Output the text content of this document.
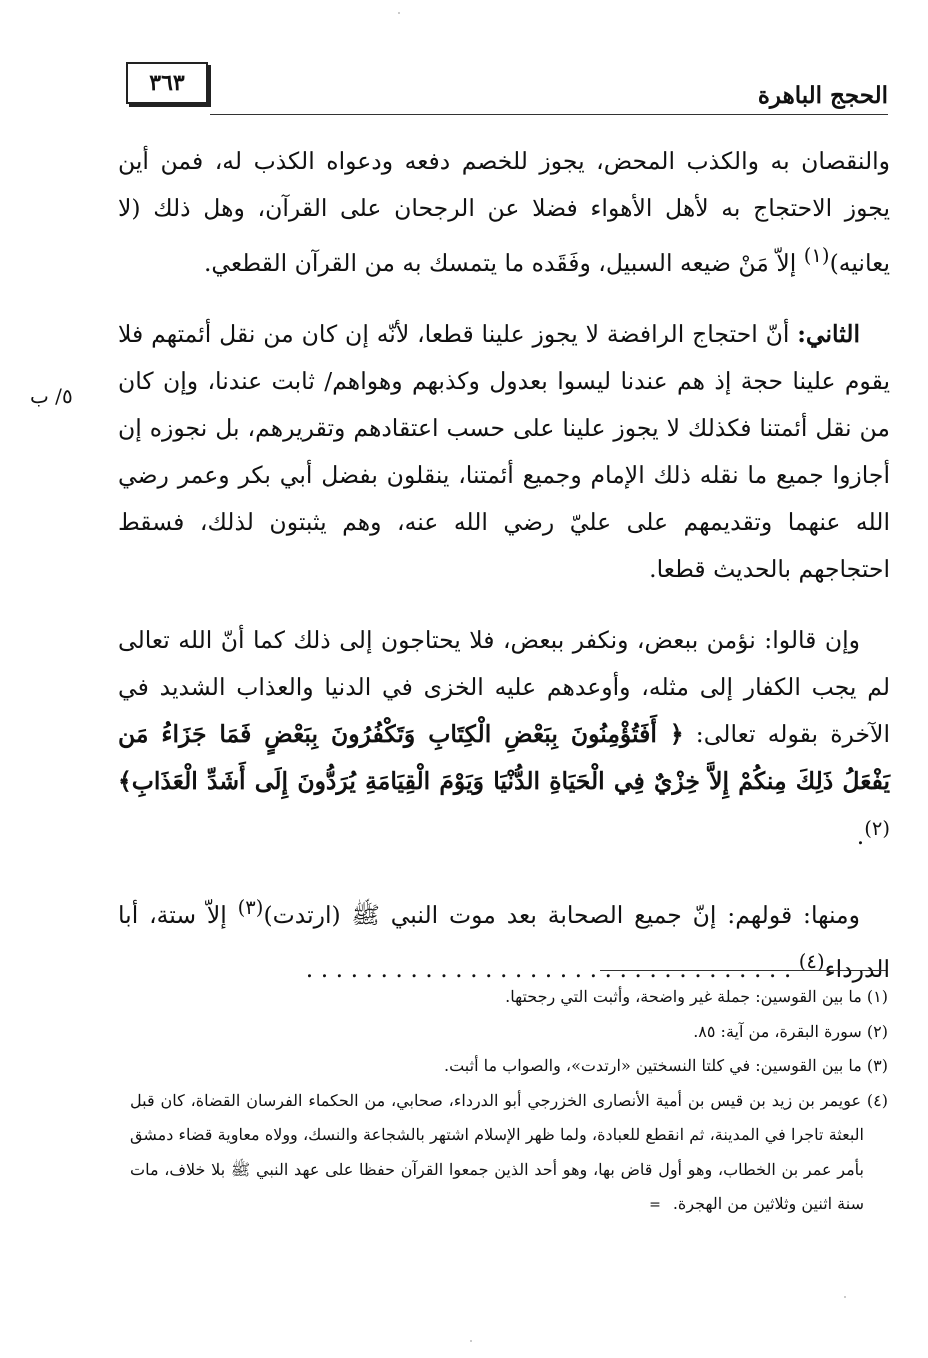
٣٦٣	الحجج الباهرة
٥/ ب

والنقصان به والكذب المحض، يجوز للخصم دفعه ودعواه الكذب له، فمن أين يجوز الاحتجاج به لأهل الأهواء فضلا عن الرجحان على القرآن، وهل ذلك (لا يعانيه)$^{(١)}$ إلاّ مَنْ ضيعه السبيل، وفَقَده ما يتمسك به من القرآن القطعي.

الثاني: أنّ احتجاج الرافضة لا يجوز علينا قطعا، لأنّه إن كان من نقل أئمتهم فلا يقوم علينا حجة إذ هم عندنا ليسوا بعدول وكذبهم وهواهم/ ثابت عندنا، وإن كان من نقل أئمتنا فكذلك لا يجوز علينا على حسب اعتقادهم وتقريرهم، بل نجوزه إن أجازوا جميع ما نقله ذلك الإمام وجميع أئمتنا، ينقلون بفضل أبي بكر وعمر رضي الله عنهما وتقديمهم على عليّ رضي الله عنه، وهم يثبتون لذلك، فسقط احتجاجهم بالحديث قطعا.

وإن قالوا: نؤمن ببعض، ونكفر ببعض، فلا يحتاجون إلى ذلك كما أنّ الله تعالى لم يجب الكفار إلى مثله، وأوعدهم عليه الخزى في الدنيا والعذاب الشديد في الآخرة بقوله تعالى: ﴿ أَفَتُؤْمِنُونَ بِبَعْضِ الْكِتَابِ وَتَكْفُرُونَ بِبَعْضٍ فَمَا جَزَاءُ مَن يَفْعَلُ ذَلِكَ مِنكُمْ إِلاَّ خِزْيٌ فِي الْحَيَاةِ الدُّنْيَا وَيَوْمَ الْقِيَامَةِ يُرَدُّونَ إِلَى أَشَدِّ الْعَذَابِ﴾$^{(٢)}$.

ومنها: قولهم: إنّ جميع الصحابة بعد موت النبي ﷺ (ارتدت)$^{(٣)}$ إلاّ ستة، أبا الدرداء$^{(٤)}$ . . . . . . . . . . . . . . . . . . . . . . . . . . . . . . . . .

(١) ما بين القوسين: جملة غير واضحة، وأثبت التي رجحتها.

(٢) سورة البقرة، من آية: ٨٥.

(٣) ما بين القوسين: في كلتا النسختين «ارتدت»، والصواب ما أثبت.

(٤) عويمر بن زيد بن قيس بن أمية الأنصارى الخزرجي أبو الدرداء، صحابي، من الحكماء الفرسان القضاة، كان قبل البعثة تاجرا في المدينة، ثم انقطع للعبادة، ولما ظهر الإسلام اشتهر بالشجاعة والنسك، وولاه معاوية قضاء دمشق بأمر عمر بن الخطاب، وهو أول قاض بها، وهو أحد الذين جمعوا القرآن حفظا على عهد النبي ﷺ بلا خلاف، مات سنة اثنين وثلاثين من الهجرة.=
